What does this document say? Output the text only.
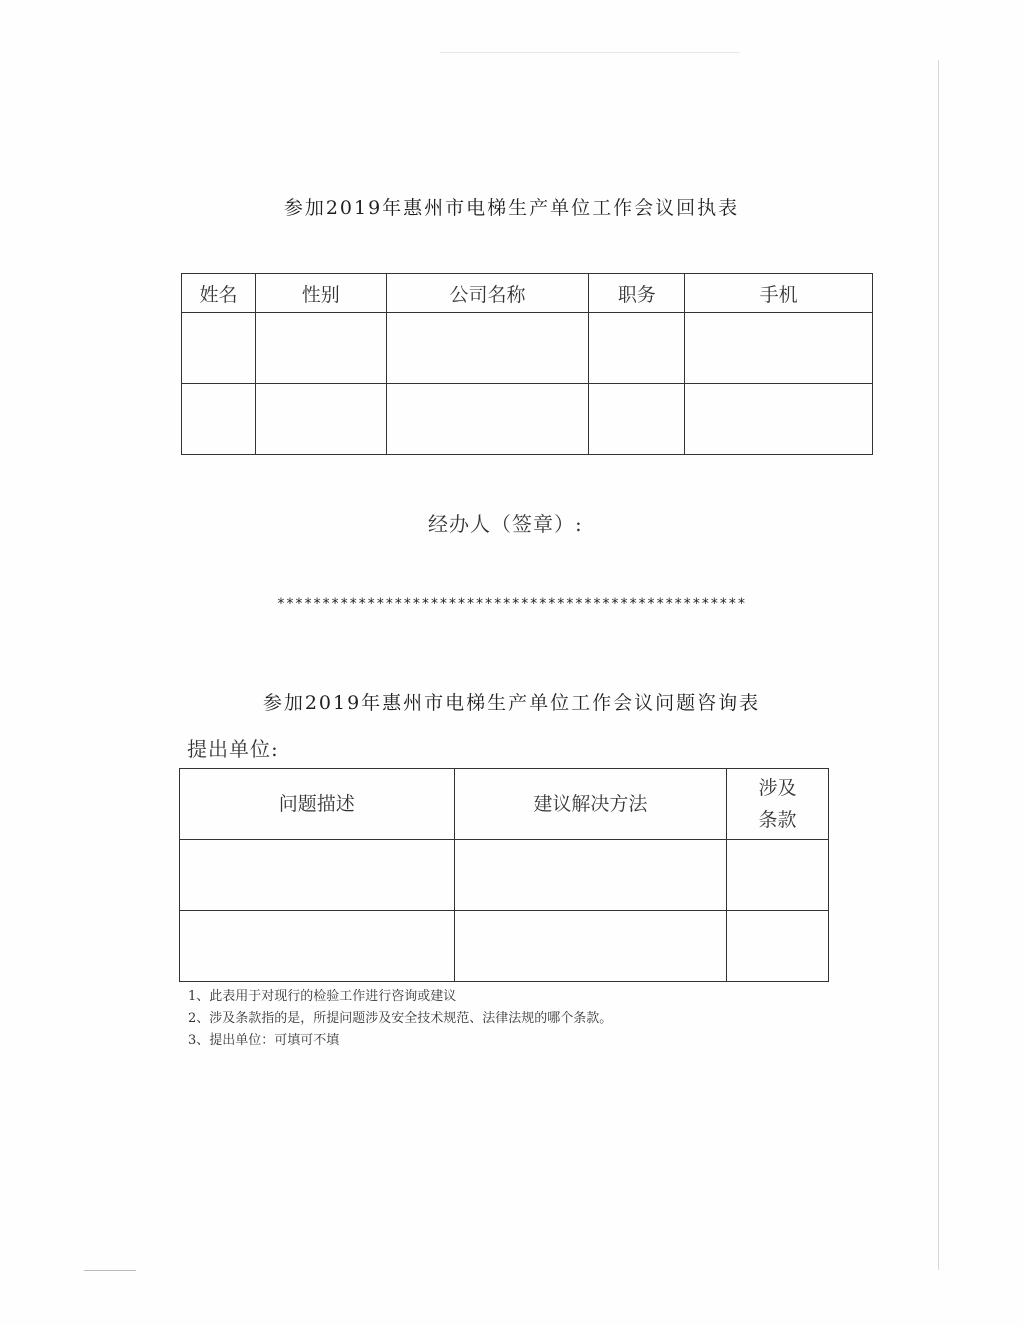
参加2019年惠州市电梯生产单位工作会议回执表
姓名	性别	公司名称	职务	手机

经办人（签章）:
****************************************************
参加2019年惠州市电梯生产单位工作会议问题咨询表
提出单位:
问题描述	建议解决方法	涉及
条款

1、此表用于对现行的检验工作进行咨询或建议
2、涉及条款指的是，所提问题涉及安全技术规范、法律法规的哪个条款。
3、提出单位：可填可不填
